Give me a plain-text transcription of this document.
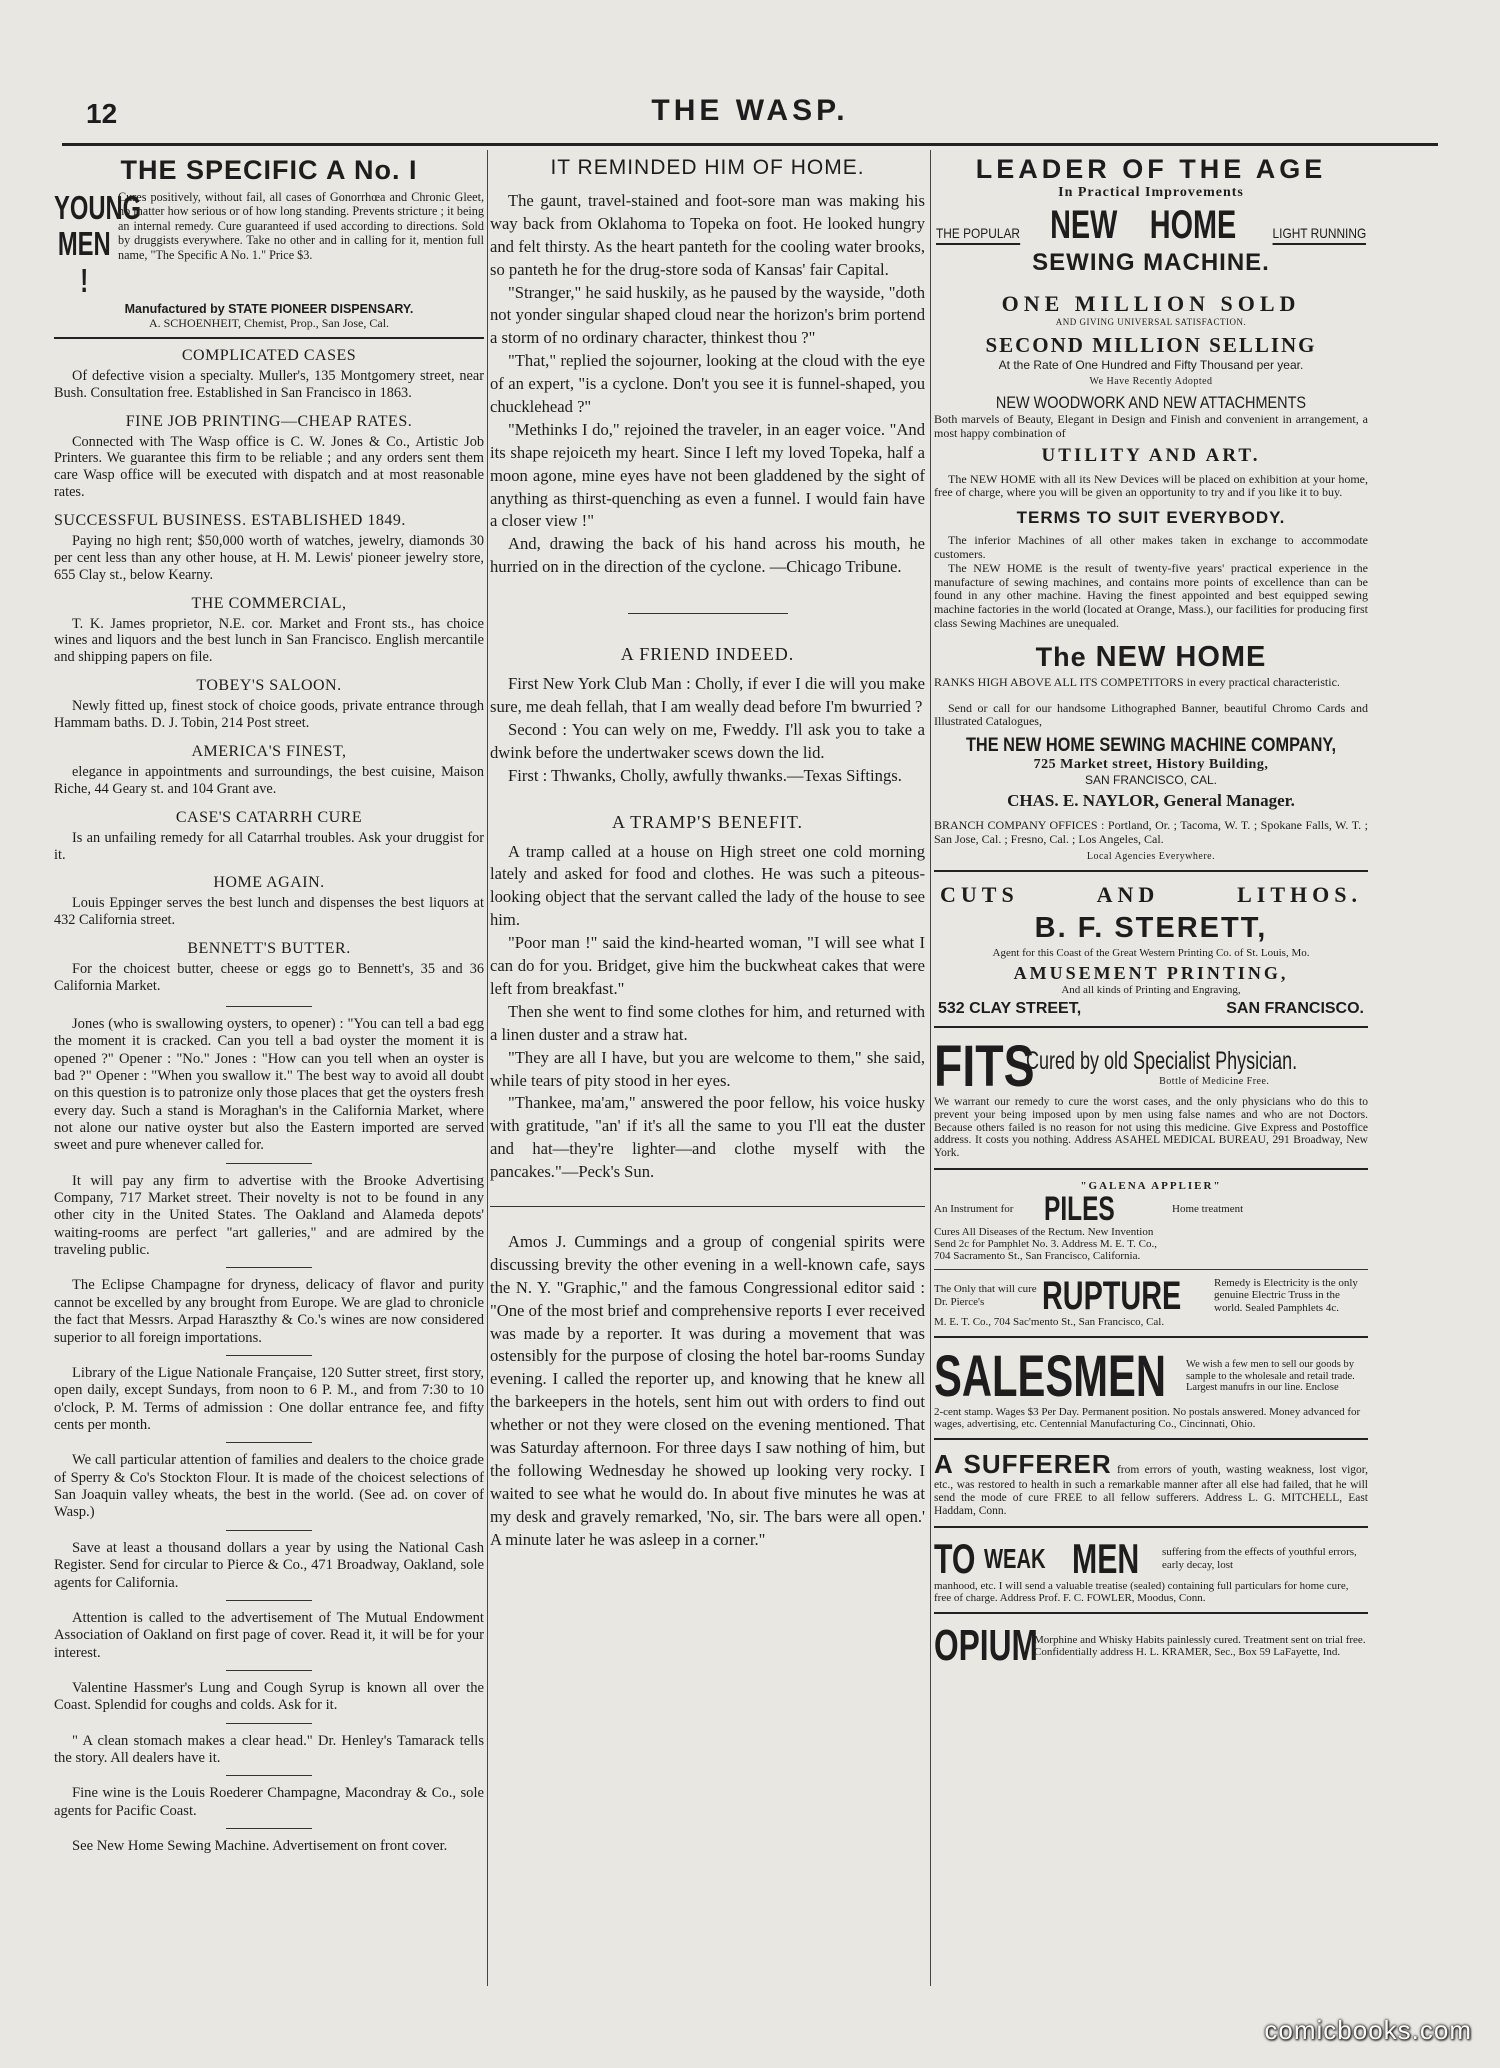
12	THE WASP.
THE SPECIFIC A No. I
YOUNG
MEN !
Cures positively, without fail, all cases of Gonorrhœa and Chronic Gleet, no matter how serious or of how long standing. Prevents stricture ; it being an internal remedy. Cure guaranteed if used according to directions. Sold by druggists everywhere. Take no other and in calling for it, mention full name, "The Specific A No. 1." Price $3.
Manufactured by STATE PIONEER DISPENSARY.
A. SCHOENHEIT, Chemist, Prop., San Jose, Cal.
COMPLICATED CASES

Of defective vision a specialty. Muller's, 135 Montgomery street, near Bush. Consultation free. Established in San Francisco in 1863.

FINE JOB PRINTING—CHEAP RATES.

Connected with The Wasp office is C. W. Jones & Co., Artistic Job Printers. We guarantee this firm to be reliable ; and any orders sent them care Wasp office will be executed with dispatch and at most reasonable rates.

SUCCESSFUL BUSINESS. ESTABLISHED 1849.

Paying no high rent; $50,000 worth of watches, jewelry, diamonds 30 per cent less than any other house, at H. M. Lewis' pioneer jewelry store, 655 Clay st., below Kearny.

THE COMMERCIAL,

T. K. James proprietor, N.E. cor. Market and Front sts., has choice wines and liquors and the best lunch in San Francisco. English mercantile and shipping papers on file.

TOBEY'S SALOON.

Newly fitted up, finest stock of choice goods, private entrance through Hammam baths. D. J. Tobin, 214 Post street.

AMERICA'S FINEST,

elegance in appointments and surroundings, the best cuisine, Maison Riche, 44 Geary st. and 104 Grant ave.

CASE'S CATARRH CURE

Is an unfailing remedy for all Catarrhal troubles. Ask your druggist for it.

HOME AGAIN.

Louis Eppinger serves the best lunch and dispenses the best liquors at 432 California street.

BENNETT'S BUTTER.

For the choicest butter, cheese or eggs go to Bennett's, 35 and 36 California Market.

Jones (who is swallowing oysters, to opener) : "You can tell a bad egg the moment it is cracked. Can you tell a bad oyster the moment it is opened ?" Opener : "No." Jones : "How can you tell when an oyster is bad ?" Opener : "When you swallow it." The best way to avoid all doubt on this question is to patronize only those places that get the oysters fresh every day. Such a stand is Moraghan's in the California Market, where not alone our native oyster but also the Eastern imported are served sweet and pure whenever called for.

It will pay any firm to advertise with the Brooke Advertising Company, 717 Market street. Their novelty is not to be found in any other city in the United States. The Oakland and Alameda depots' waiting-rooms are perfect "art galleries," and are admired by the traveling public.

The Eclipse Champagne for dryness, delicacy of flavor and purity cannot be excelled by any brought from Europe. We are glad to chronicle the fact that Messrs. Arpad Haraszthy & Co.'s wines are now considered superior to all foreign importations.

Library of the Ligue Nationale Française, 120 Sutter street, first story, open daily, except Sundays, from noon to 6 P. M., and from 7:30 to 10 o'clock, P. M. Terms of admission : One dollar entrance fee, and fifty cents per month.

We call particular attention of families and dealers to the choice grade of Sperry & Co's Stockton Flour. It is made of the choicest selections of San Joaquin valley wheats, the best in the world. (See ad. on cover of Wasp.)

Save at least a thousand dollars a year by using the National Cash Register. Send for circular to Pierce & Co., 471 Broadway, Oakland, sole agents for California.

Attention is called to the advertisement of The Mutual Endowment Association of Oakland on first page of cover. Read it, it will be for your interest.

Valentine Hassmer's Lung and Cough Syrup is known all over the Coast. Splendid for coughs and colds. Ask for it.

" A clean stomach makes a clear head." Dr. Henley's Tamarack tells the story. All dealers have it.

Fine wine is the Louis Roederer Champagne, Macondray & Co., sole agents for Pacific Coast.

See New Home Sewing Machine. Advertisement on front cover.

IT REMINDED HIM OF HOME.

The gaunt, travel-stained and foot-sore man was making his way back from Oklahoma to Topeka on foot. He looked hungry and felt thirsty. As the heart panteth for the cooling water brooks, so panteth he for the drug-store soda of Kansas' fair Capital.

"Stranger," he said huskily, as he paused by the wayside, "doth not yonder singular shaped cloud near the horizon's brim portend a storm of no ordinary character, thinkest thou ?"

"That," replied the sojourner, looking at the cloud with the eye of an expert, "is a cyclone. Don't you see it is funnel-shaped, you chucklehead ?"

"Methinks I do," rejoined the traveler, in an eager voice. "And its shape rejoiceth my heart. Since I left my loved Topeka, half a moon agone, mine eyes have not been gladdened by the sight of anything as thirst-quenching as even a funnel. I would fain have a closer view !"

And, drawing the back of his hand across his mouth, he hurried on in the direction of the cyclone. —Chicago Tribune.

A FRIEND INDEED.

First New York Club Man : Cholly, if ever I die will you make sure, me deah fellah, that I am weally dead before I'm bwurried ?

Second : You can wely on me, Fweddy. I'll ask you to take a dwink before the undertwaker scews down the lid.

First : Thwanks, Cholly, awfully thwanks.—Texas Siftings.

A TRAMP'S BENEFIT.

A tramp called at a house on High street one cold morning lately and asked for food and clothes. He was such a piteous-looking object that the servant called the lady of the house to see him.

"Poor man !" said the kind-hearted woman, "I will see what I can do for you. Bridget, give him the buckwheat cakes that were left from breakfast."

Then she went to find some clothes for him, and returned with a linen duster and a straw hat.

"They are all I have, but you are welcome to them," she said, while tears of pity stood in her eyes.

"Thankee, ma'am," answered the poor fellow, his voice husky with gratitude, "an' if it's all the same to you I'll eat the duster and hat—they're lighter—and clothe myself with the pancakes."—Peck's Sun.

Amos J. Cummings and a group of congenial spirits were discussing brevity the other evening in a well-known cafe, says the N. Y. "Graphic," and the famous Congressional editor said : "One of the most brief and comprehensive reports I ever received was made by a reporter. It was during a movement that was ostensibly for the purpose of closing the hotel bar-rooms Sunday evening. I called the reporter up, and knowing that he knew all the barkeepers in the hotels, sent him out with orders to find out whether or not they were closed on the evening mentioned. That was Saturday afternoon. For three days I saw nothing of him, but the following Wednesday he showed up looking very rocky. I waited to see what he would do. In about five minutes he was at my desk and gravely remarked, 'No, sir. The bars were all open.' A minute later he was asleep in a corner."

LEADER OF THE AGE
In Practical Improvements
THE POPULAR NEW HOME	LIGHT RUNNING
SEWING MACHINE.
ONE MILLION SOLD
AND GIVING UNIVERSAL SATISFACTION.
SECOND MILLION SELLING
At the Rate of One Hundred and Fifty Thousand per year.
We Have Recently Adopted
NEW WOODWORK AND NEW ATTACHMENTS

Both marvels of Beauty, Elegant in Design and Finish and convenient in arrangement, a most happy combination of

UTILITY AND ART.

The NEW HOME with all its New Devices will be placed on exhibition at your home, free of charge, where you will be given an opportunity to try and if you like it to buy.

TERMS TO SUIT EVERYBODY.

The inferior Machines of all other makes taken in exchange to accommodate customers.

The NEW HOME is the result of twenty-five years' practical experience in the manufacture of sewing machines, and contains more points of excellence than can be found in any other machine. Having the finest appointed and best equipped sewing machine factories in the world (located at Orange, Mass.), our facilities for producing first class Sewing Machines are unequaled.

The NEW HOME

RANKS HIGH ABOVE ALL ITS COMPETITORS in every practical characteristic.

Send or call for our handsome Lithographed Banner, beautiful Chromo Cards and Illustrated Catalogues,

THE NEW HOME SEWING MACHINE COMPANY,
725 Market street, History Building,
SAN FRANCISCO, CAL.
CHAS. E. NAYLOR, General Manager.

BRANCH COMPANY OFFICES : Portland, Or. ; Tacoma, W. T. ; Spokane Falls, W. T. ; San Jose, Cal. ; Fresno, Cal. ; Los Angeles, Cal.

Local Agencies Everywhere.
CUTS	AND	LITHOS.
B. F. STERETT,
Agent for this Coast of the Great Western Printing Co. of St. Louis, Mo.
AMUSEMENT PRINTING,
And all kinds of Printing and Engraving,
532 CLAY STREET,	SAN FRANCISCO.
FITS
Cured by old Specialist Physician.
Bottle of Medicine Free.

We warrant our remedy to cure the worst cases, and the only physicians who do this to prevent your being imposed upon by men using false names and who are not Doctors. Because others failed is no reason for not using this medicine. Give Express and Postoffice address. It costs you nothing. Address ASAHEL MEDICAL BUREAU, 291 Broadway, New York.

"GALENA APPLIER"
An Instrument for PILES	Home treatment
Cures All Diseases of the Rectum. New Invention
Send 2c for Pamphlet No. 3. Address M. E. T. Co.,
704 Sacramento St., San Francisco, California.
The Only that will cure Dr. Pierce's	RUPTURE	Remedy is Electricity is the only genuine Electric Truss in the world. Sealed Pamphlets 4c.
M. E. T. Co., 704 Sac'mento St., San Francisco, Cal.
SALESMEN We wish a few men to sell our goods by sample to the wholesale and retail trade. Largest manufrs in our line. Enclose
2-cent stamp. Wages $3 Per Day. Permanent position. No postals answered. Money advanced for wages, advertising, etc. Centennial Manufacturing Co., Cincinnati, Ohio.
A SUFFERER from errors of youth, wasting weakness, lost vigor, etc., was restored to health in such a remarkable manner after all else had failed, that he will send the mode of cure FREE to all fellow sufferers. Address L. G. MITCHELL, East Haddam, Conn.
TO WEAK MEN suffering from the effects of youthful errors, early decay, lost
manhood, etc. I will send a valuable treatise (sealed) containing full particulars for home cure, free of charge. Address Prof. F. C. FOWLER, Moodus, Conn.
OPIUM
Morphine and Whisky Habits painlessly cured. Treatment sent on trial free. Confidentially address H. L. KRAMER, Sec., Box 59 LaFayette, Ind.
comicbooks.com
